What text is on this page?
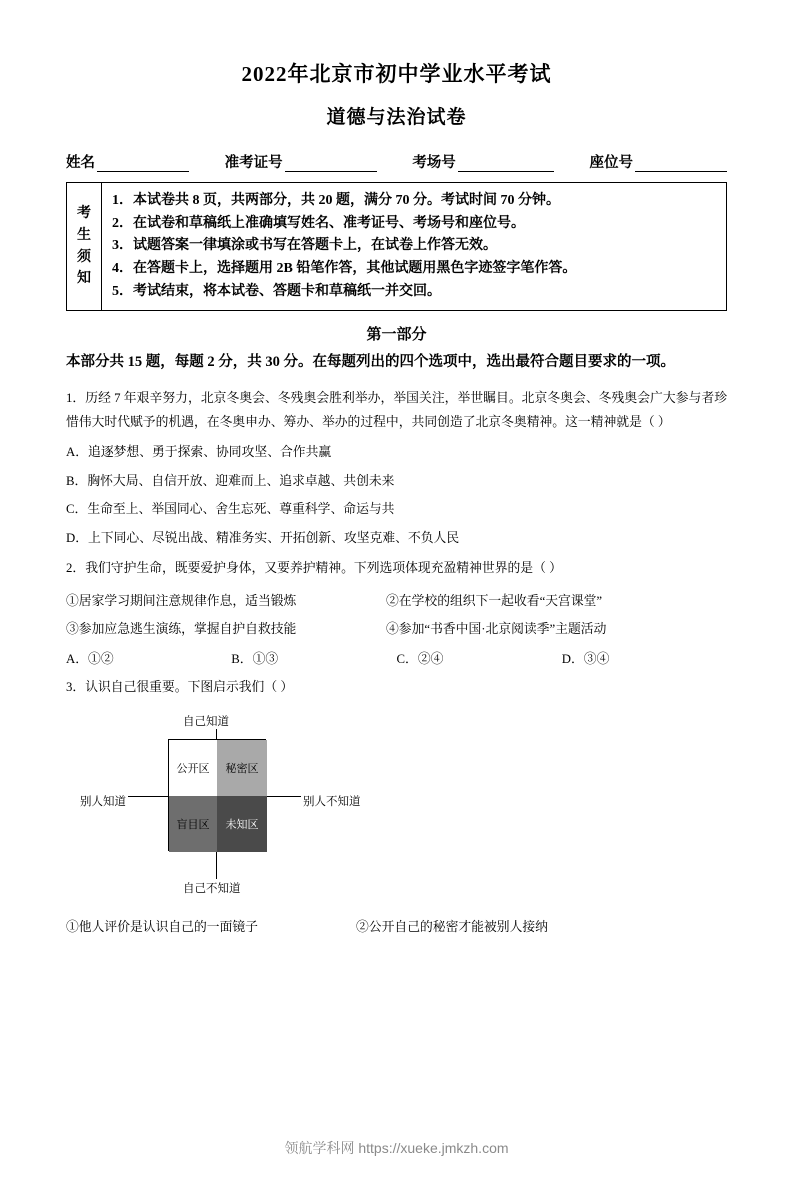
2022年北京市初中学业水平考试
道德与法治试卷
姓名	准考证号	考场号	座位号
考
生
须
知
1．本试卷共 8 页，共两部分，共 20 题，满分 70 分。考试时间 70 分钟。
2．在试卷和草稿纸上准确填写姓名、准考证号、考场号和座位号。
3．试题答案一律填涂或书写在答题卡上，在试卷上作答无效。
4．在答题卡上，选择题用 2B 铅笔作答，其他试题用黑色字迹签字笔作答。
5．考试结束，将本试卷、答题卡和草稿纸一并交回。
第一部分
本部分共 15 题，每题 2 分，共 30 分。在每题列出的四个选项中，选出最符合题目要求的一项。
1．历经 7 年艰辛努力，北京冬奥会、冬残奥会胜利举办，举国关注，举世瞩目。北京冬奥会、冬残奥会广大参与者珍惜伟大时代赋予的机遇，在冬奥申办、筹办、举办的过程中，共同创造了北京冬奥精神。这一精神就是（ ）
A．追逐梦想、勇于探索、协同攻坚、合作共赢
B．胸怀大局、自信开放、迎难而上、追求卓越、共创未来
C．生命至上、举国同心、舍生忘死、尊重科学、命运与共
D．上下同心、尽锐出战、精准务实、开拓创新、攻坚克难、不负人民
2．我们守护生命，既要爱护身体，又要养护精神。下列选项体现充盈精神世界的是（ ）
①居家学习期间注意规律作息，适当锻炼	②在学校的组织下一起收看“天宫课堂”
③参加应急逃生演练，掌握自护自救技能	④参加“书香中国·北京阅读季”主题活动
A．①②	B．①③	C．②④	D．③④
3．认识自己很重要。下图启示我们（ ）
自己知道
自己不知道
别人知道	别人不知道
公开区	秘密区
盲目区	未知区
①他人评价是认识自己的一面镜子	②公开自己的秘密才能被别人接纳
领航学科网 https://xueke.jmkzh.com
